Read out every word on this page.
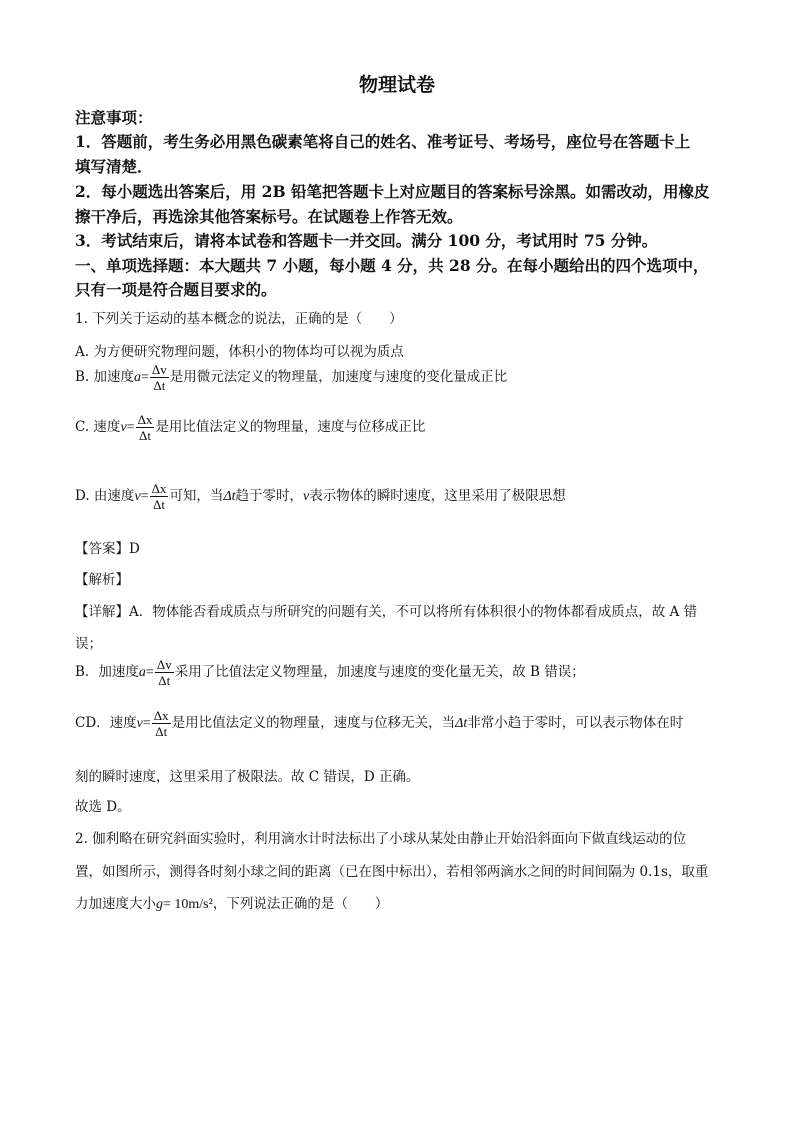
物理试卷
注意事项：
1．答题前，考生务必用黑色碳素笔将自己的姓名、准考证号、考场号，座位号在答题卡上
填写清楚．
2．每小题选出答案后，用 2B 铅笔把答题卡上对应题目的答案标号涂黑。如需改动，用橡皮
擦干净后，再选涂其他答案标号。在试题卷上作答无效。
3．考试结束后，请将本试卷和答题卡一并交回。满分 100 分，考试用时 75 分钟。
一、单项选择题：本大题共 7 小题，每小题 4 分，共 28 分。在每小题给出的四个选项中，
只有一项是符合题目要求的。
1. 下列关于运动的基本概念的说法，正确的是（　　）
A. 为方便研究物理问题，体积小的物体均可以视为质点
B. 加速度$a= \frac{\Delta v}{\Delta t}$ 是用微元法定义的物理量，加速度与速度的变化量成正比
C. 速度$v= \frac{\Delta x}{\Delta t}$ 是用比值法定义的物理量，速度与位移成正比
D. 由速度$v= \frac{\Delta x}{\Delta t}$ 可知，当Δt趋于零时，v表示物体的瞬时速度，这里采用了极限思想
【答案】D
【解析】
【详解】A．物体能否看成质点与所研究的问题有关，不可以将所有体积很小的物体都看成质点，故 A 错
误；
B．加速度$a= \frac{\Delta v}{\Delta t}$ 采用了比值法定义物理量，加速度与速度的变化量无关，故 B 错误；
CD．速度$v= \frac{\Delta x}{\Delta t}$ 是用比值法定义的物理量，速度与位移无关，当Δt非常小趋于零时，可以表示物体在时
刻的瞬时速度，这里采用了极限法。故 C 错误，D 正确。
故选 D。
2. 伽利略在研究斜面实验时，利用滴水计时法标出了小球从某处由静止开始沿斜面向下做直线运动的位
置，如图所示，测得各时刻小球之间的距离（已在图中标出），若相邻两滴水之间的时间间隔为 0.1s，取重
力加速度大小g= 10m/s²，下列说法正确的是（　　）
